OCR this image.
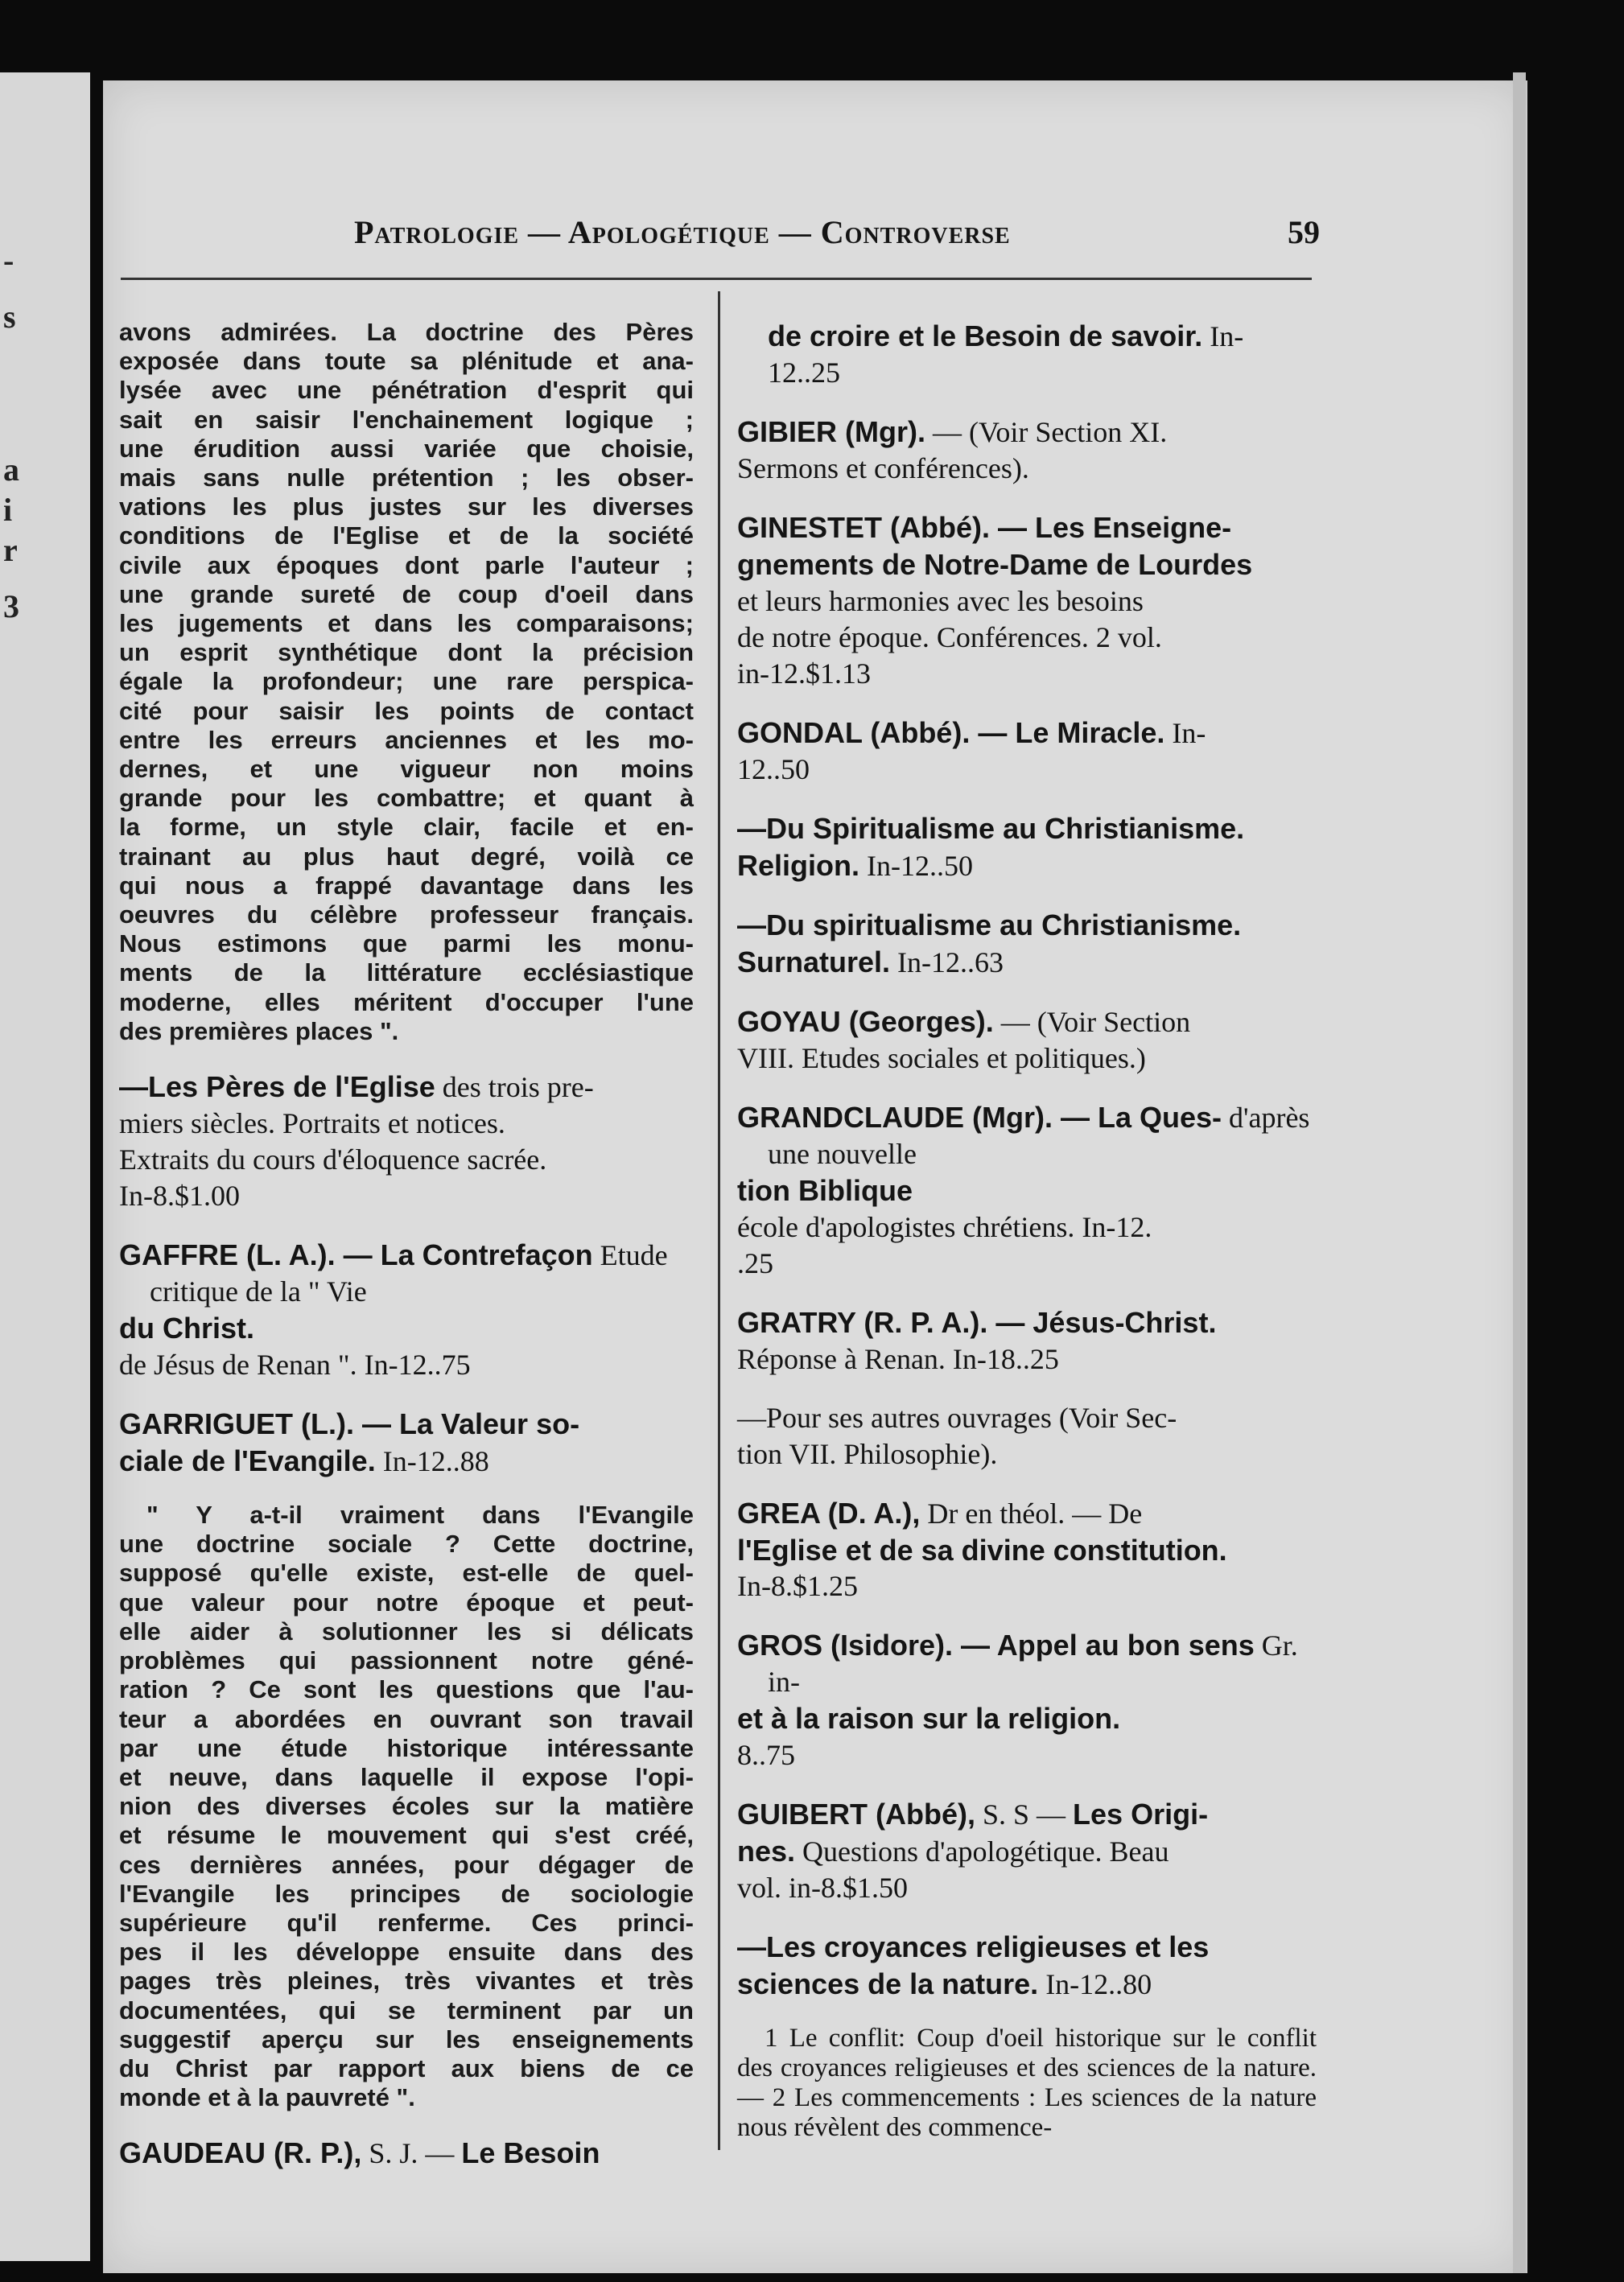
-
s
a
i
r
3
Patrologie — Apologétique — Controverse	59
avons admirées. La doctrine des Pères
exposée dans toute sa plénitude et ana-
lysée avec une pénétration d'esprit qui
sait en saisir l'enchainement logique ;
une érudition aussi variée que choisie,
mais sans nulle prétention ; les obser-
vations les plus justes sur les diverses
conditions de l'Eglise et de la société
civile aux époques dont parle l'auteur ;
une grande sureté de coup d'oeil dans
les jugements et dans les comparaisons;
un esprit synthétique dont la précision
égale la profondeur; une rare perspica-
cité pour saisir les points de contact
entre les erreurs anciennes et les mo-
dernes, et une vigueur non moins
grande pour les combattre; et quant à
la forme, un style clair, facile et en-
trainant au plus haut degré, voilà ce
qui nous a frappé davantage dans les
oeuvres du célèbre professeur français.
Nous estimons que parmi les monu-
ments de la littérature ecclésiastique
moderne, elles méritent d'occuper l'une
des premières places ".
—Les Pères de l'Eglise des trois pre-
miers siècles. Portraits et notices.
Extraits du cours d'éloquence sacrée.
In-8.$1.00
GAFFRE (L. A.). — La Contrefaçon Etude critique de la " Vie
du Christ.
de Jésus de Renan ". In-12..75
GARRIGUET (L.). — La Valeur so-
ciale de l'Evangile. In-12..88
" Y a-t-il vraiment dans l'Evangile
une doctrine sociale ? Cette doctrine,
supposé qu'elle existe, est-elle de quel-
que valeur pour notre époque et peut-
elle aider à solutionner les si délicats
problèmes qui passionnent notre géné-
ration ? Ce sont les questions que l'au-
teur a abordées en ouvrant son travail
par une étude historique intéressante
et neuve, dans laquelle il expose l'opi-
nion des diverses écoles sur la matière
et résume le mouvement qui s'est créé,
ces dernières années, pour dégager de
l'Evangile les principes de sociologie
supérieure qu'il renferme. Ces princi-
pes il les développe ensuite dans des
pages très pleines, très vivantes et très
documentées, qui se terminent par un
suggestif aperçu sur les enseignements
du Christ par rapport aux biens de ce
monde et à la pauvreté ".
GAUDEAU (R. P.), S. J. — Le Besoin
de croire et le Besoin de savoir. In-
12..25
GIBIER (Mgr). — (Voir Section XI.
Sermons et conférences).
GINESTET (Abbé). — Les Enseigne-
gnements de Notre-Dame de Lourdes
et leurs harmonies avec les besoins
de notre époque. Conférences. 2 vol.
in-12.$1.13
GONDAL (Abbé). — Le Miracle. In-
12..50
—Du Spiritualisme au Christianisme.
Religion. In-12..50
—Du spiritualisme au Christianisme.
Surnaturel. In-12..63
GOYAU (Georges). — (Voir Section
VIII. Etudes sociales et politiques.)
GRANDCLAUDE (Mgr). — La Ques- d'après une nouvelle
tion Biblique
école d'apologistes chrétiens. In-12.
.25
GRATRY (R. P. A.). — Jésus-Christ.
Réponse à Renan. In-18..25
—Pour ses autres ouvrages (Voir Sec-
tion VII. Philosophie).
GREA (D. A.), Dr en théol. — De
l'Eglise et de sa divine constitution.
In-8.$1.25
GROS (Isidore). — Appel au bon sens Gr. in-
et à la raison sur la religion.
8..75
GUIBERT (Abbé), S. S — Les Origi-
nes. Questions d'apologétique. Beau
vol. in-8.$1.50
—Les croyances religieuses et les
sciences de la nature. In-12..80
1 Le conflit: Coup d'oeil historique sur le conflit des croyances religieuses et des sciences de la nature. — 2 Les commencements : Les sciences de la nature nous révèlent des commence-
